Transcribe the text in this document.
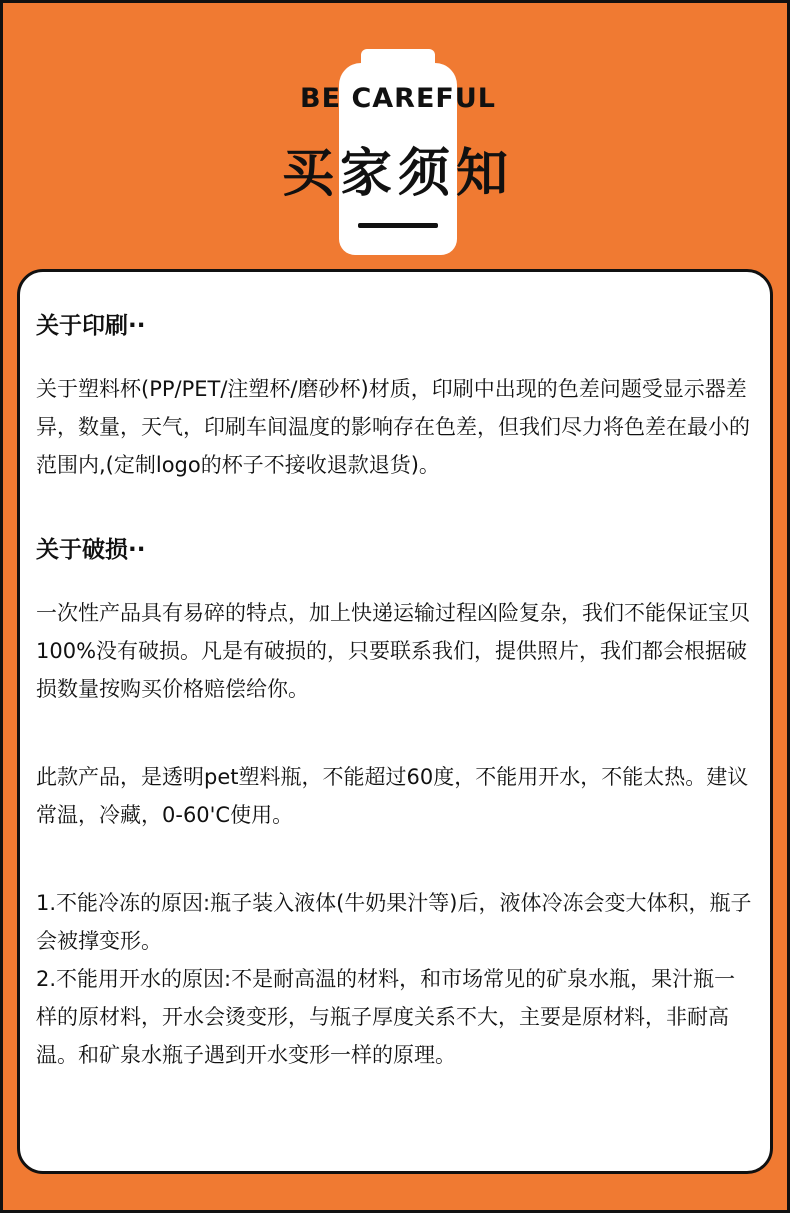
BE CAREFUL
买家须知
关于印刷··

关于塑料杯(PP/PET/注塑杯/磨砂杯)材质，印刷中出现的色差问题受显示器差异，数量，天气，印刷车间温度的影响存在色差，但我们尽力将色差在最小的范围内,(定制logo的杯子不接收退款退货)。

关于破损··

一次性产品具有易碎的特点，加上快递运输过程凶险复杂，我们不能保证宝贝100%没有破损。凡是有破损的，只要联系我们，提供照片，我们都会根据破损数量按购买价格赔偿给你。

此款产品，是透明pet塑料瓶，不能超过60度，不能用开水，不能太热。建议常温，冷藏，0-60'C使用。

1.不能冷冻的原因:瓶子装入液体(牛奶果汁等)后，液体冷冻会变大体积，瓶子会被撑变形。

2.不能用开水的原因:不是耐高温的材料，和市场常见的矿泉水瓶，果汁瓶一样的原材料，开水会烫变形，与瓶子厚度关系不大，主要是原材料，非耐高温。和矿泉水瓶子遇到开水变形一样的原理。
